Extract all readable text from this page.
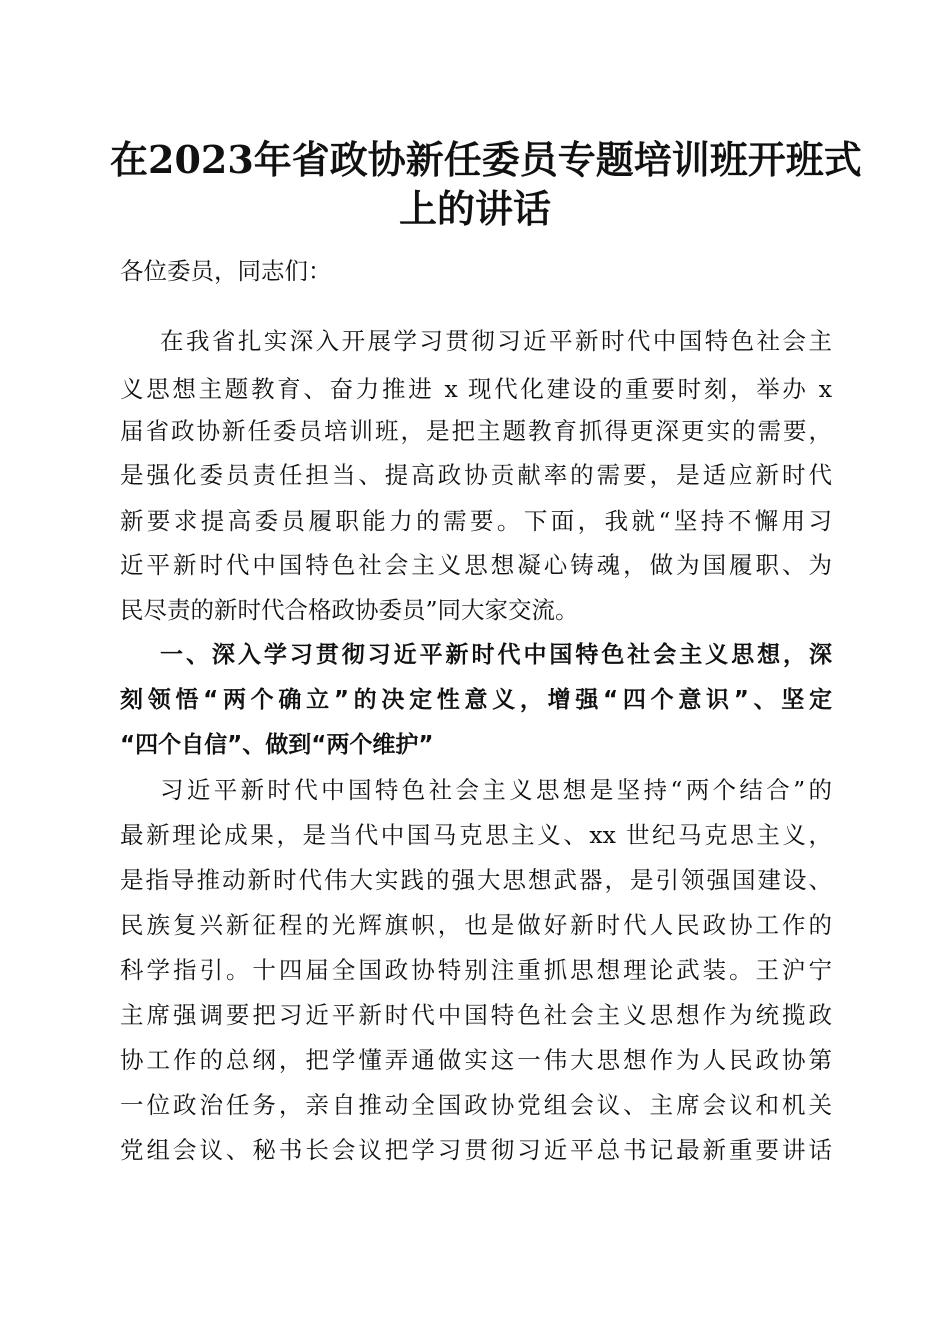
在2023年省政协新任委员专题培训班开班式
上的讲话
各位委员，同志们：
在我省扎实深入开展学习贯彻习近平新时代中国特色社会主
义思想主题教育、奋力推进 x 现代化建设的重要时刻，举办 x
届省政协新任委员培训班，是把主题教育抓得更深更实的需要，
是强化委员责任担当、提高政协贡献率的需要，是适应新时代
新要求提高委员履职能力的需要。下面，我就“坚持不懈用习
近平新时代中国特色社会主义思想凝心铸魂，做为国履职、为
民尽责的新时代合格政协委员”同大家交流。
一、深入学习贯彻习近平新时代中国特色社会主义思想，深
刻领悟“两个确立”的决定性意义，增强“四个意识”、坚定
“四个自信”、做到“两个维护”
习近平新时代中国特色社会主义思想是坚持“两个结合”的
最新理论成果，是当代中国马克思主义、xx 世纪马克思主义，
是指导推动新时代伟大实践的强大思想武器，是引领强国建设、
民族复兴新征程的光辉旗帜，也是做好新时代人民政协工作的
科学指引。十四届全国政协特别注重抓思想理论武装。王沪宁
主席强调要把习近平新时代中国特色社会主义思想作为统揽政
协工作的总纲，把学懂弄通做实这一伟大思想作为人民政协第
一位政治任务，亲自推动全国政协党组会议、主席会议和机关
党组会议、秘书长会议把学习贯彻习近平总书记最新重要讲话
